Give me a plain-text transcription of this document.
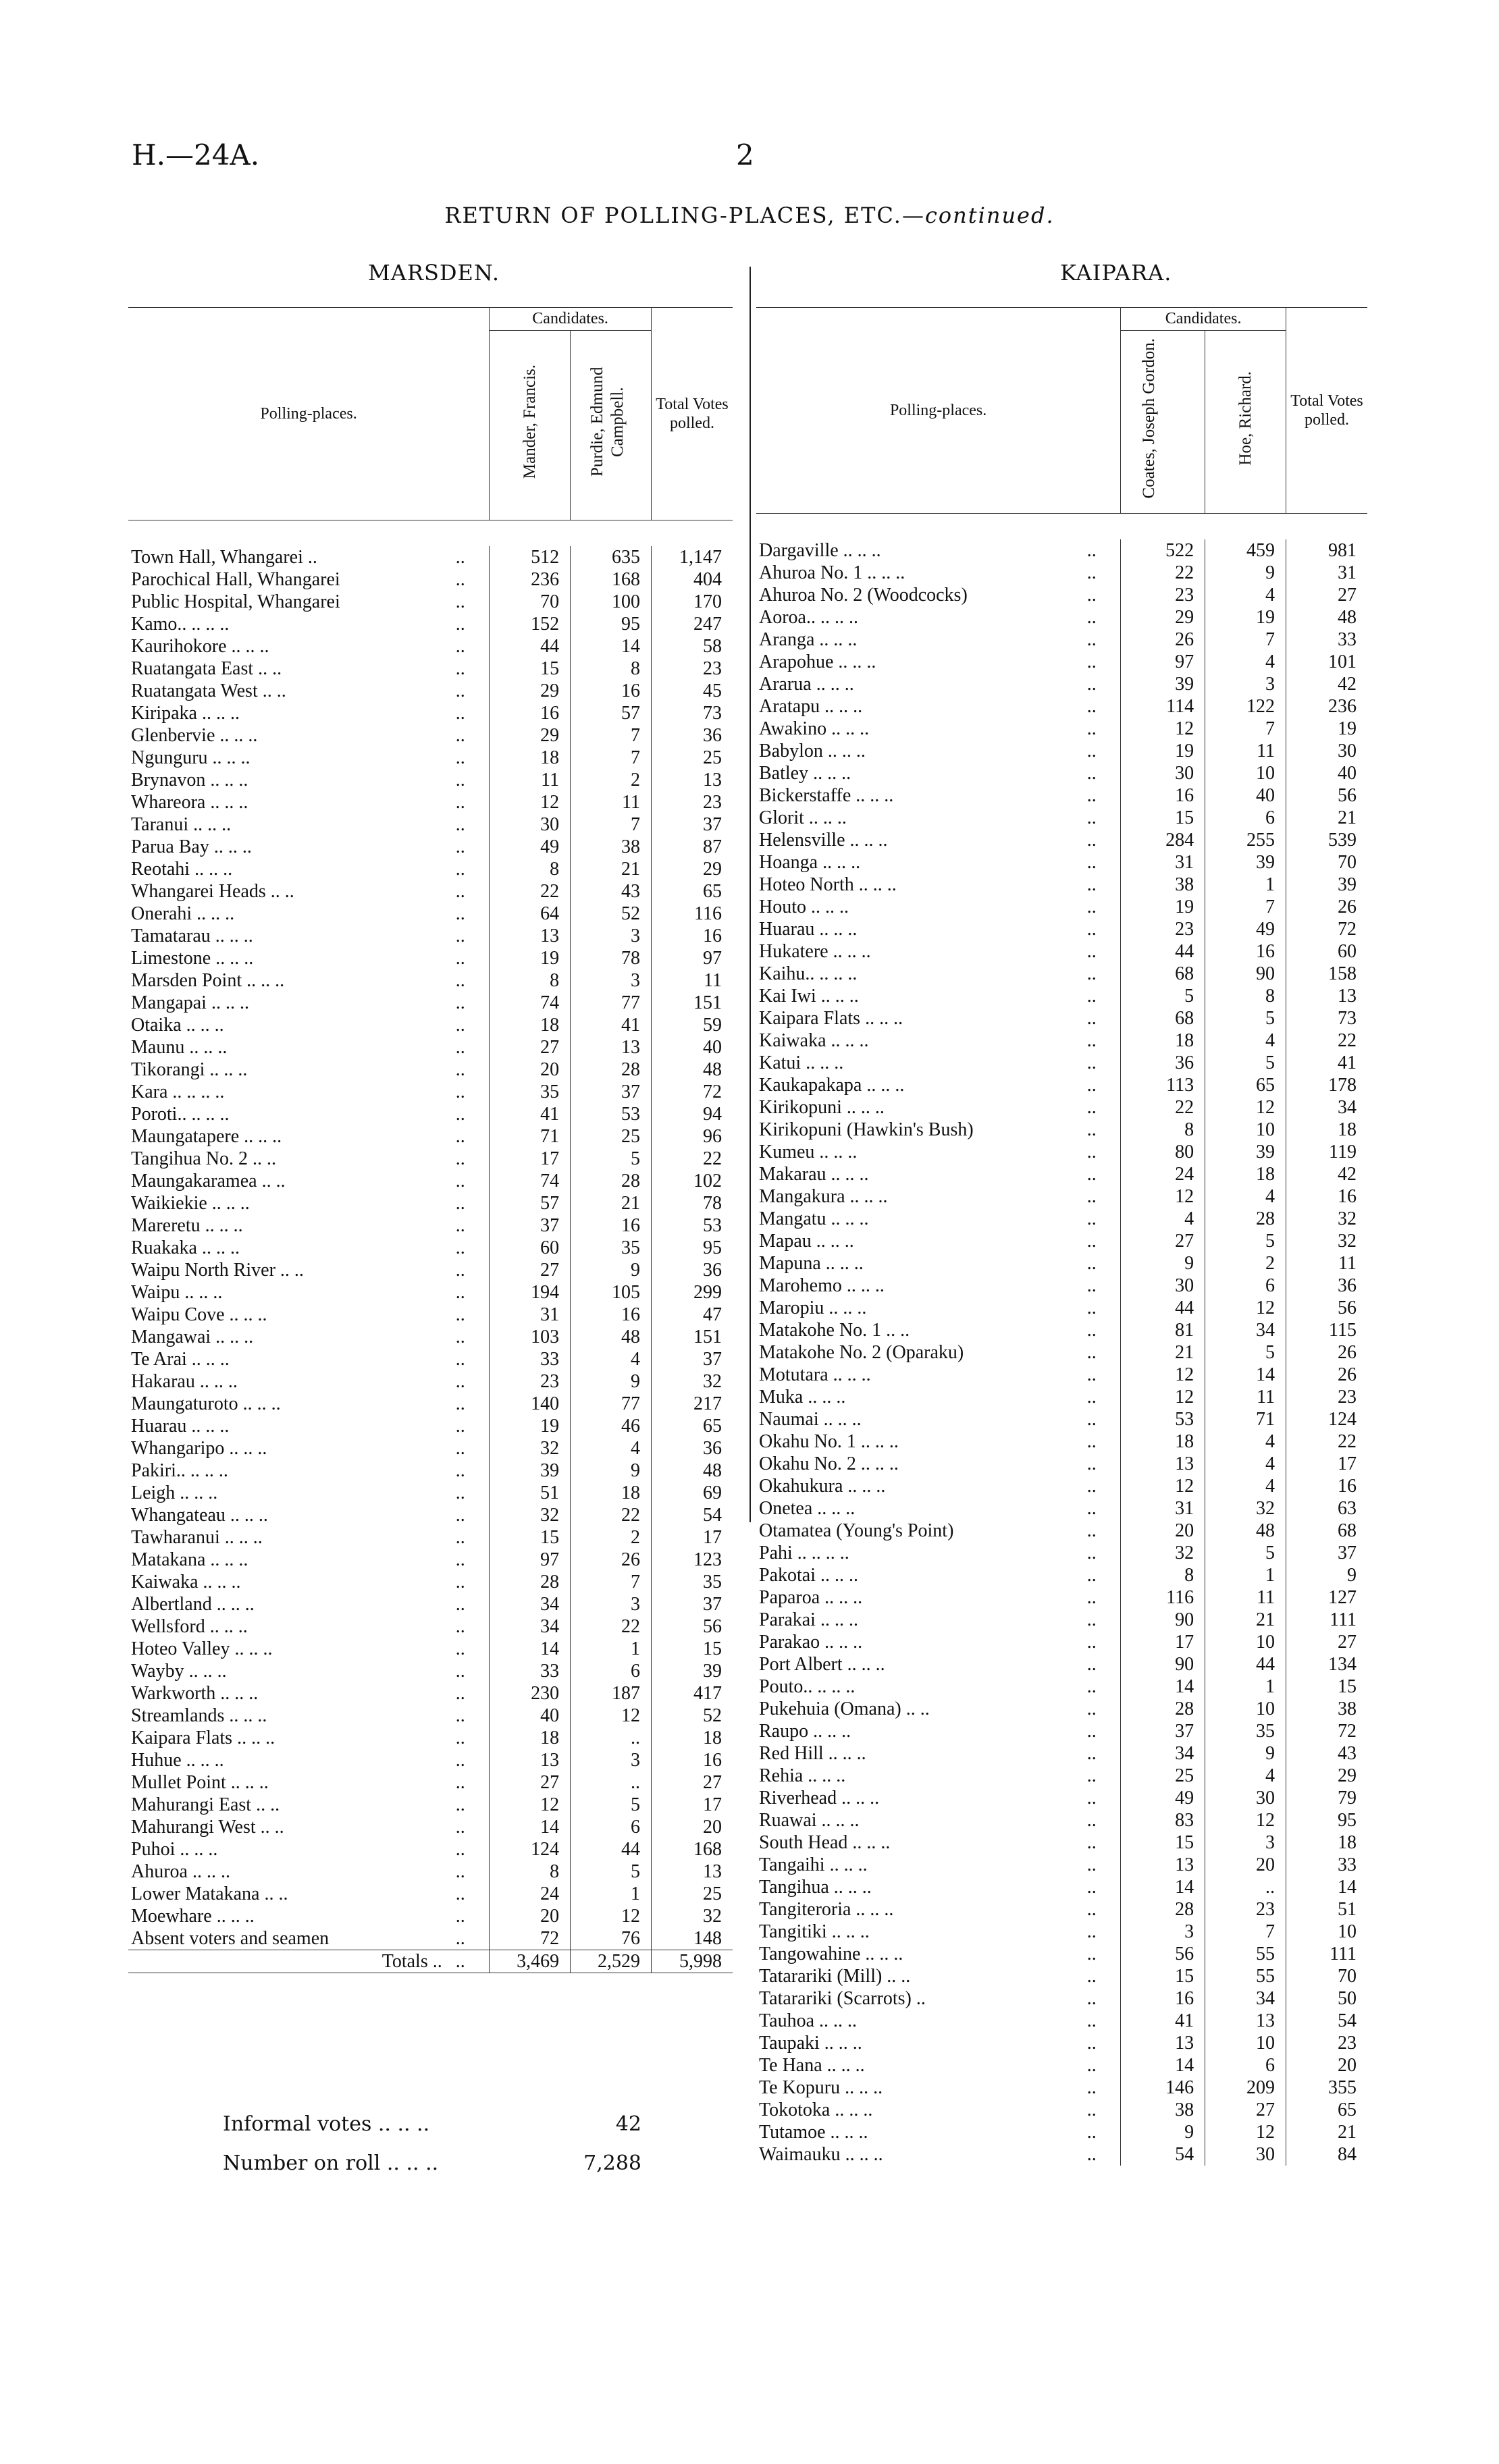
H.—24A.	2
RETURN OF POLLING-PLACES, ETC.—continued.
MARSDEN.	KAIPARA.
Polling-places.		Candidates.		Total Votes polled.
		Mander, Francis.	Purdie, Edmund Campbell.	

Town Hall, Whangarei ..	..	512	635	1,147
Parochical Hall, Whangarei	..	236	168	404
Public Hospital, Whangarei	..	70	100	170
Kamo.. .. .. ..	..	152	95	247
Kaurihokore .. .. ..	..	44	14	58
Ruatangata East .. ..	..	15	8	23
Ruatangata West .. ..	..	29	16	45
Kiripaka .. .. ..	..	16	57	73
Glenbervie .. .. ..	..	29	7	36
Ngunguru .. .. ..	..	18	7	25
Brynavon .. .. ..	..	11	2	13
Whareora .. .. ..	..	12	11	23
Taranui .. .. ..	..	30	7	37
Parua Bay .. .. ..	..	49	38	87
Reotahi .. .. ..	..	8	21	29
Whangarei Heads .. ..	..	22	43	65
Onerahi .. .. ..	..	64	52	116
Tamatarau .. .. ..	..	13	3	16
Limestone .. .. ..	..	19	78	97
Marsden Point .. .. ..	..	8	3	11
Mangapai .. .. ..	..	74	77	151
Otaika .. .. ..	..	18	41	59
Maunu .. .. ..	..	27	13	40
Tikorangi .. .. ..	..	20	28	48
Kara .. .. .. ..	..	35	37	72
Poroti.. .. .. ..	..	41	53	94
Maungatapere .. .. ..	..	71	25	96
Tangihua No. 2 .. ..	..	17	5	22
Maungakaramea .. ..	..	74	28	102
Waikiekie .. .. ..	..	57	21	78
Mareretu .. .. ..	..	37	16	53
Ruakaka .. .. ..	..	60	35	95
Waipu North River .. ..	..	27	9	36
Waipu .. .. ..	..	194	105	299
Waipu Cove .. .. ..	..	31	16	47
Mangawai .. .. ..	..	103	48	151
Te Arai .. .. ..	..	33	4	37
Hakarau .. .. ..	..	23	9	32
Maungaturoto .. .. ..	..	140	77	217
Huarau .. .. ..	..	19	46	65
Whangaripo .. .. ..	..	32	4	36
Pakiri.. .. .. ..	..	39	9	48
Leigh .. .. ..	..	51	18	69
Whangateau .. .. ..	..	32	22	54
Tawharanui .. .. ..	..	15	2	17
Matakana .. .. ..	..	97	26	123
Kaiwaka .. .. ..	..	28	7	35
Albertland .. .. ..	..	34	3	37
Wellsford .. .. ..	..	34	22	56
Hoteo Valley .. .. ..	..	14	1	15
Wayby .. .. ..	..	33	6	39
Warkworth .. .. ..	..	230	187	417
Streamlands .. .. ..	..	40	12	52
Kaipara Flats .. .. ..	..	18	..	18
Huhue .. .. ..	..	13	3	16
Mullet Point .. .. ..	..	27	..	27
Mahurangi East .. ..	..	12	5	17
Mahurangi West .. ..	..	14	6	20
Puhoi .. .. ..	..	124	44	168
Ahuroa .. .. ..	..	8	5	13
Lower Matakana .. ..	..	24	1	25
Moewhare .. .. ..	..	20	12	32
Absent voters and seamen	..	72	76	148
Totals ..	..	3,469	2,529	5,998
Polling-places.		Candidates.		Total Votes polled.
		Coates, Joseph Gordon.	Hoe, Richard.	

Dargaville .. .. ..	..	522	459	981
Ahuroa No. 1 .. .. ..	..	22	9	31
Ahuroa No. 2 (Woodcocks)	..	23	4	27
Aoroa.. .. .. ..	..	29	19	48
Aranga .. .. ..	..	26	7	33
Arapohue .. .. ..	..	97	4	101
Ararua .. .. ..	..	39	3	42
Aratapu .. .. ..	..	114	122	236
Awakino .. .. ..	..	12	7	19
Babylon .. .. ..	..	19	11	30
Batley .. .. ..	..	30	10	40
Bickerstaffe .. .. ..	..	16	40	56
Glorit .. .. ..	..	15	6	21
Helensville .. .. ..	..	284	255	539
Hoanga .. .. ..	..	31	39	70
Hoteo North .. .. ..	..	38	1	39
Houto .. .. ..	..	19	7	26
Huarau .. .. ..	..	23	49	72
Hukatere .. .. ..	..	44	16	60
Kaihu.. .. .. ..	..	68	90	158
Kai Iwi .. .. ..	..	5	8	13
Kaipara Flats .. .. ..	..	68	5	73
Kaiwaka .. .. ..	..	18	4	22
Katui .. .. ..	..	36	5	41
Kaukapakapa .. .. ..	..	113	65	178
Kirikopuni .. .. ..	..	22	12	34
Kirikopuni (Hawkin's Bush)	..	8	10	18
Kumeu .. .. ..	..	80	39	119
Makarau .. .. ..	..	24	18	42
Mangakura .. .. ..	..	12	4	16
Mangatu .. .. ..	..	4	28	32
Mapau .. .. ..	..	27	5	32
Mapuna .. .. ..	..	9	2	11
Marohemo .. .. ..	..	30	6	36
Maropiu .. .. ..	..	44	12	56
Matakohe No. 1 .. ..	..	81	34	115
Matakohe No. 2 (Oparaku)	..	21	5	26
Motutara .. .. ..	..	12	14	26
Muka .. .. ..	..	12	11	23
Naumai .. .. ..	..	53	71	124
Okahu No. 1 .. .. ..	..	18	4	22
Okahu No. 2 .. .. ..	..	13	4	17
Okahukura .. .. ..	..	12	4	16
Onetea .. .. ..	..	31	32	63
Otamatea (Young's Point)	..	20	48	68
Pahi .. .. .. ..	..	32	5	37
Pakotai .. .. ..	..	8	1	9
Paparoa .. .. ..	..	116	11	127
Parakai .. .. ..	..	90	21	111
Parakao .. .. ..	..	17	10	27
Port Albert .. .. ..	..	90	44	134
Pouto.. .. .. ..	..	14	1	15
Pukehuia (Omana) .. ..	..	28	10	38
Raupo .. .. ..	..	37	35	72
Red Hill .. .. ..	..	34	9	43
Rehia .. .. ..	..	25	4	29
Riverhead .. .. ..	..	49	30	79
Ruawai .. .. ..	..	83	12	95
South Head .. .. ..	..	15	3	18
Tangaihi .. .. ..	..	13	20	33
Tangihua .. .. ..	..	14	..	14
Tangiteroria .. .. ..	..	28	23	51
Tangitiki .. .. ..	..	3	7	10
Tangowahine .. .. ..	..	56	55	111
Tatarariki (Mill) .. ..	..	15	55	70
Tatarariki (Scarrots) ..	..	16	34	50
Tauhoa .. .. ..	..	41	13	54
Taupaki .. .. ..	..	13	10	23
Te Hana .. .. ..	..	14	6	20
Te Kopuru .. .. ..	..	146	209	355
Tokotoka .. .. ..	..	38	27	65
Tutamoe .. .. ..	..	9	12	21
Waimauku .. .. ..	..	54	30	84
Informal votes .. .. ..	42
Number on roll .. .. ..	7,288
